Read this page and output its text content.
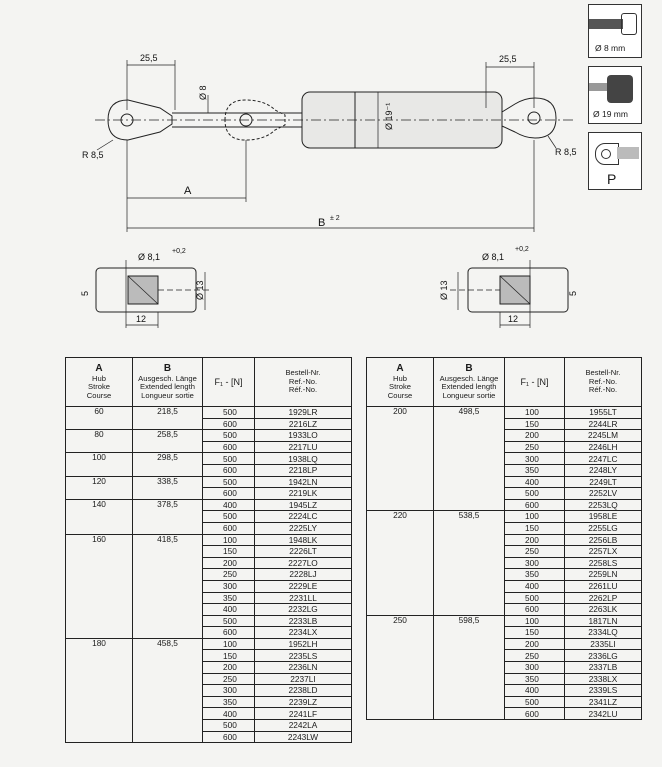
25,5	25,5
Ø 8
Ø 19⁻¹
R 8,5	R 8,5
A
B ± 2
Ø 8,1
+0,2
Ø 8,1
+0,2
Ø 13	Ø 13
5	5
12	12
Ø 8 mm
Ø 19 mm
P
A
Hub
Stroke
Course	B
Ausgesch. Länge
Extended length
Longueur sortie	F₁ - [N]	Bestell-Nr.
Ref.-No.
Réf.-No.
60	218,5	500	1929LR
		600	2216LZ
80	258,5	500	1933LO
		600	2217LU
100	298,5	500	1938LQ
		600	2218LP
120	338,5	500	1942LN
		600	2219LK
140	378,5	400	1945LZ
		500	2224LC
		600	2225LY
160	418,5	100	1948LK
		150	2226LT
		200	2227LO
		250	2228LJ
		300	2229LE
		350	2231LL
		400	2232LG
		500	2233LB
		600	2234LX
180	458,5	100	1952LH
		150	2235LS
		200	2236LN
		250	2237LI
		300	2238LD
		350	2239LZ
		400	2241LF
		500	2242LA
		600	2243LW
A
Hub
Stroke
Course	B
Ausgesch. Länge
Extended length
Longueur sortie	F₁ - [N]	Bestell-Nr.
Ref.-No.
Réf.-No.
200	498,5	100	1955LT
		150	2244LR
		200	2245LM
		250	2246LH
		300	2247LC
		350	2248LY
		400	2249LT
		500	2252LV
		600	2253LQ
220	538,5	100	1958LE
		150	2255LG
		200	2256LB
		250	2257LX
		300	2258LS
		350	2259LN
		400	2261LU
		500	2262LP
		600	2263LK
250	598,5	100	1817LN
		150	2334LQ
		200	2335LI
		250	2336LG
		300	2337LB
		350	2338LX
		400	2339LS
		500	2341LZ
		600	2342LU
